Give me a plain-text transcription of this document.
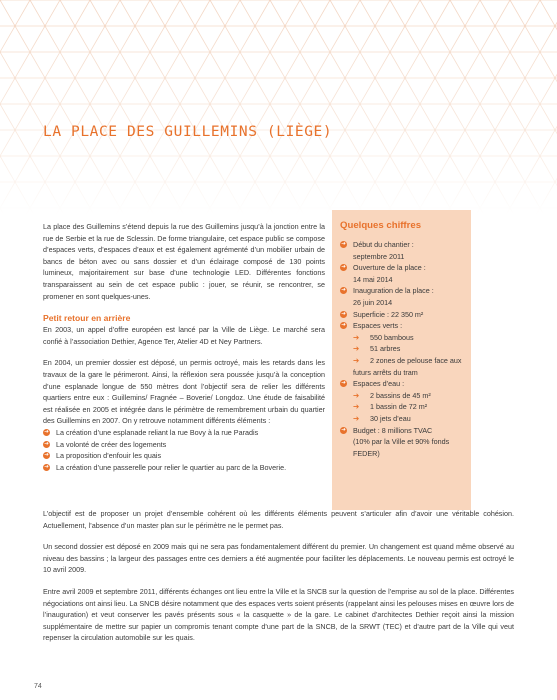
LA PLACE DES GUILLEMINS (LIÈGE)

La place des Guillemins s’étend depuis la rue des Guillemins jusqu’à la jonction entre la rue de Serbie et la rue de Sclessin. De forme triangulaire, cet espace public se compose d’espaces verts, d’espaces d’eaux et est également agrémenté d’un mobilier urbain de bancs de béton avec ou sans dossier et d’un éclairage composé de 130 points lumineux, majoritairement sur base d’une technologie LED. Différentes fonctions transparaissent au sein de cet espace public : jouer, se réunir, se rencontrer, se promener en sont quelques-unes.

Petit retour en arrière

En 2003, un appel d’offre européen est lancé par la Ville de Liège. Le marché sera confié à l’association Dethier, Agence Ter, Atelier 4D et Ney Partners.

En 2004, un premier dossier est déposé, un permis octroyé, mais les retards dans les travaux de la gare le périmeront. Ainsi, la réflexion sera poussée jusqu’à la conception d’une esplanade longue de 550 mètres dont l’objectif sera de relier les différents quartiers entre eux : Guillemins/ Fragnée – Boverie/ Longdoz. Une étude de faisabilité est réalisée en 2005 et intégrée dans le périmètre de remembrement urbain du quartier des Guillemins en 2007. On y retrouve notamment différents éléments :

➔ La création d’une esplanade reliant la rue Bovy à la rue Paradis
➔ La volonté de créer des logements
➔ La proposition d’enfouir les quais
➔ La création d’une passerelle pour relier le quartier au parc de la Boverie.
Quelques chiffres
➔ Début du chantier :
septembre 2011
➔ Ouverture de la place :
14 mai 2014
➔ Inauguration de la place :
26 juin 2014
➔ Superficie : 22 350 m²
➔ Espaces verts :
➔ 550 bambous
➔ 51 arbres
➔ 2 zones de pelouse face aux
futurs arrêts du tram
➔ Espaces d’eau :
➔ 2 bassins de 45 m²
➔ 1 bassin de 72 m²
➔ 30 jets d’eau
➔ Budget : 8 millions TVAC
(10% par la Ville et 90% fonds
FEDER)

L’objectif est de proposer un projet d’ensemble cohérent où les différents éléments peuvent s’articuler afin d’avoir une véritable cohésion. Actuellement, l’absence d’un master plan sur le périmètre ne le permet pas.

Un second dossier est déposé en 2009 mais qui ne sera pas fondamentalement différent du premier. Un changement est quand même observé au niveau des bassins ; la largeur des passages entre ces derniers a été augmentée pour faciliter les déplacements. Le nouveau permis est octroyé le 10 avril 2009.

Entre avril 2009 et septembre 2011, différents échanges ont lieu entre la Ville et la SNCB sur la question de l’emprise au sol de la place. Différentes négociations ont ainsi lieu. La SNCB désire notamment que des espaces verts soient présents (rappelant ainsi les pelouses mises en œuvre lors de l’inauguration) et veut conserver les pavés présents sous « la casquette » de la gare. Le cabinet d’architectes Dethier reçoit ainsi la mission supplémentaire de mettre sur papier un compromis tenant compte d’une part de la SNCB, de la SRWT (TEC) et d’autre part de la Ville qui veut repenser la circulation automobile sur les quais.

74
